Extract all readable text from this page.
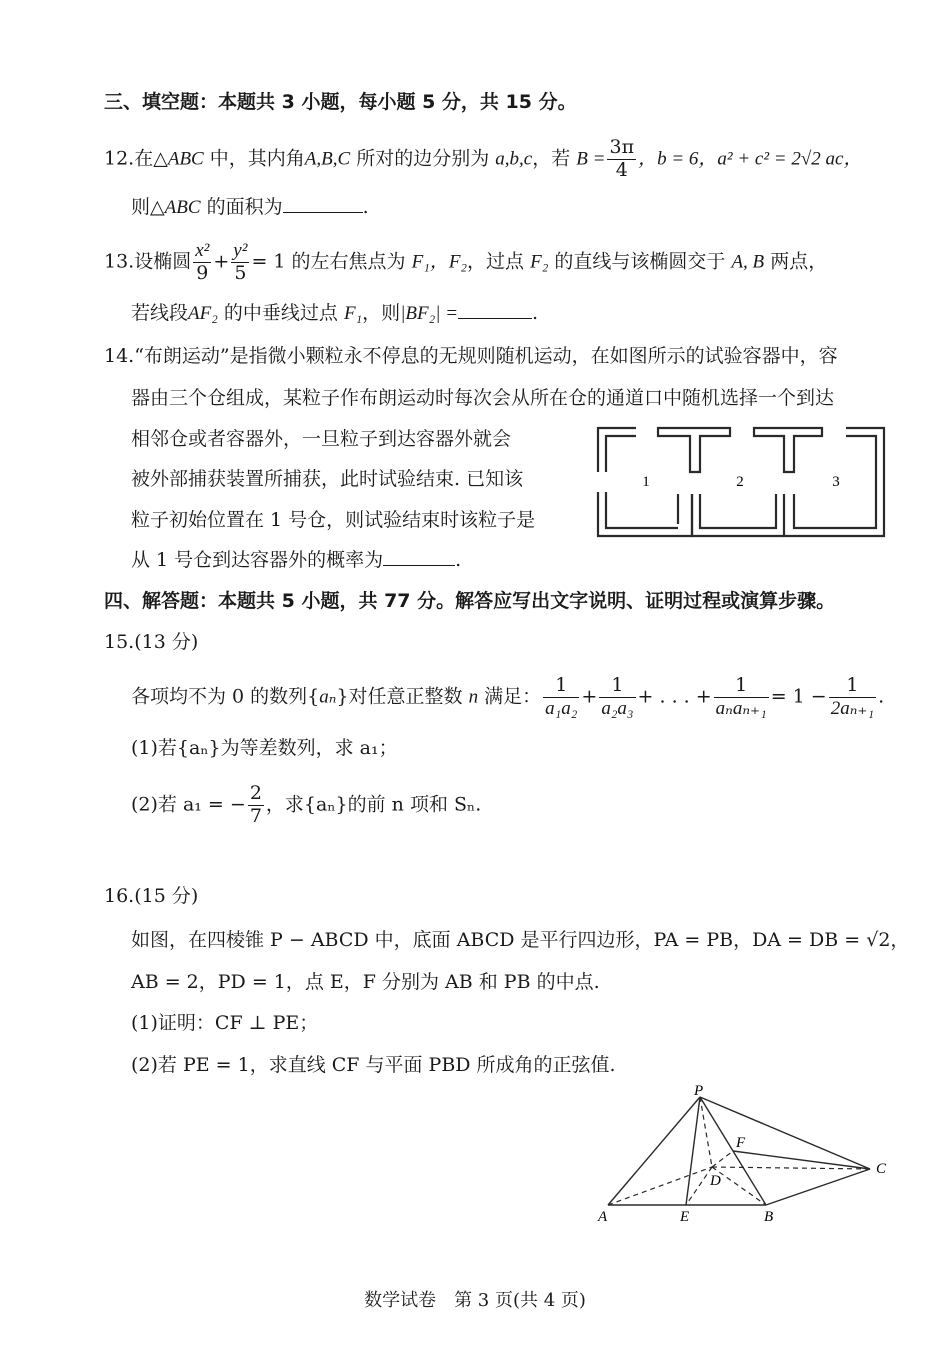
三、填空题：本题共 3 小题，每小题 5 分，共 15 分。
12.在△ABC 中，其内角A,B,C 所对的边分别为 a,b,c，若 $B = \frac{3\pi}{4}$ ，b = 6，a² + c² = 2√2 ac，
则△ABC 的面积为	.
13.设椭圆 $\frac{\text{x²}}{9} + \frac{\text{y²}}{5} = 1$ 的左右焦点为 F₁，F₂，过点 F₂ 的直线与该椭圆交于 A, B 两点，
若线段AF₂ 的中垂线过点 F₁，则|BF₂| =	.
14.“布朗运动”是指微小颗粒永不停息的无规则随机运动，在如图所示的试验容器中，容
器由三个仓组成，某粒子作布朗运动时每次会从所在仓的通道口中随机选择一个到达
相邻仓或者容器外，一旦粒子到达容器外就会
被外部捕获装置所捕获，此时试验结束. 已知该
粒子初始位置在 1 号仓，则试验结束时该粒子是
从 1 号仓到达容器外的概率为	.
1	2	3
四、解答题：本题共 5 小题，共 77 分。解答应写出文字说明、证明过程或演算步骤。
15.(13 分)
各项均不为 0 的数列{aₙ}对任意正整数 n 满足： $\frac{1}{\text{a₁a₂}} + \frac{1}{\text{a₂a₃}}$ + . . . + $\frac{1}{\text{aₙaₙ₊₁}} = 1 - \frac{1}{\text{2aₙ₊₁}}$ .
(1)若{aₙ}为等差数列，求 a₁；
(2)若 a₁ = − $\frac{2}{7}$ ，求{aₙ}的前 n 项和 Sₙ.
16.(15 分)
如图，在四棱锥 P − ABCD 中，底面 ABCD 是平行四边形，PA = PB，DA = DB = √2，
AB = 2，PD = 1，点 E，F 分别为 AB 和 PB 的中点.
(1)证明：CF ⊥ PE；
(2)若 PE = 1，求直线 CF 与平面 PBD 所成角的正弦值.
P
F
C
D
A	E	B
数学试卷　第 3 页(共 4 页)
